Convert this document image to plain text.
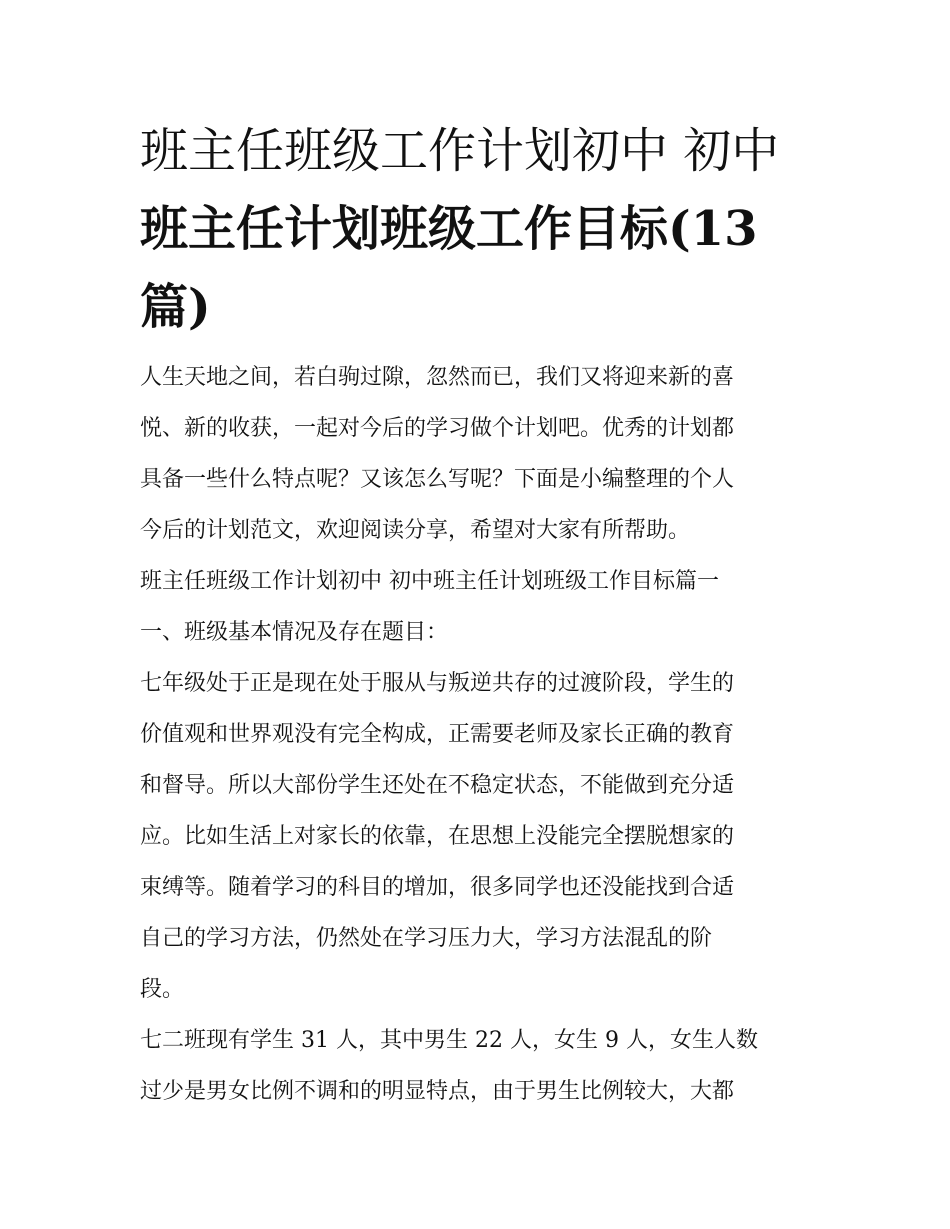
班主任班级工作计划初中 初中
班主任计划班级工作目标(13
篇)

人生天地之间，若白驹过隙，忽然而已，我们又将迎来新的喜
悦、新的收获，一起对今后的学习做个计划吧。优秀的计划都
具备一些什么特点呢？又该怎么写呢？下面是小编整理的个人
今后的计划范文，欢迎阅读分享，希望对大家有所帮助。

班主任班级工作计划初中 初中班主任计划班级工作目标篇一

一、班级基本情况及存在题目：

七年级处于正是现在处于服从与叛逆共存的过渡阶段，学生的
价值观和世界观没有完全构成，正需要老师及家长正确的教育
和督导。所以大部份学生还处在不稳定状态，不能做到充分适
应。比如生活上对家长的依靠，在思想上没能完全摆脱想家的
束缚等。随着学习的科目的增加，很多同学也还没能找到合适
自己的学习方法，仍然处在学习压力大，学习方法混乱的阶
段。

七二班现有学生 31 人，其中男生 22 人，女生 9 人，女生人数
过少是男女比例不调和的明显特点，由于男生比例较大，大都
